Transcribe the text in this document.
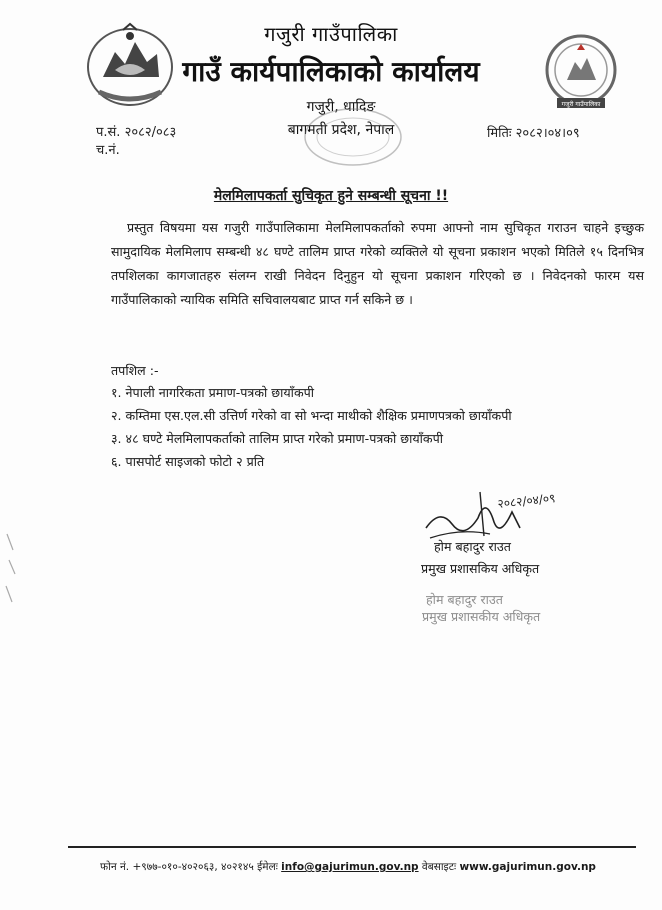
गजुरी गाउँपालिका
गाउँ कार्यपालिकाको कार्यालय
गजुरी, धादिङ
बागमती प्रदेश, नेपाल
गजुरी गाउँपालिका
प.सं. २०८२/०८३
च.नं.
मितिः २०८२।०४।०९
मेलमिलापकर्ता सुचिकृत हुने सम्बन्धी सूचना !!

प्रस्तुत विषयमा यस गजुरी गाउँपालिकामा मेलमिलापकर्ताको रुपमा आफ्नो नाम सुचिकृत गराउन चाहने इच्छुक सामुदायिक मेलमिलाप सम्बन्धी ४८ घण्टे तालिम प्राप्त गरेको व्यक्तिले यो सूचना प्रकाशन भएको मितिले १५ दिनभित्र तपशिलका कागजातहरु संलग्न राखी निवेदन दिनुहुन यो सूचना प्रकाशन गरिएको छ । निवेदनको फारम यस गाउँपालिकाको न्यायिक समिति सचिवालयबाट प्राप्त गर्न सकिने छ ।

तपशिल :-
१. नेपाली नागरिकता प्रमाण-पत्रको छायाँकपी
२. कम्तिमा एस.एल.सी उत्तिर्ण गरेको वा सो भन्दा माथीको शैक्षिक प्रमाणपत्रको छायाँकपी
३. ४८ घण्टे मेलमिलापकर्ताको तालिम प्राप्त गरेको प्रमाण-पत्रको छायाँकपी
६. पासपोर्ट साइजको फोटो २ प्रति
२०८२/०४/०९
होम बहादुर राउत
प्रमुख प्रशासकिय अधिकृत
होम बहादुर राउत
प्रमुख प्रशासकीय अधिकृत
फोन नं. +९७७-०१०-४०२०६३, ४०२१४५ ईमेलः info@gajurimun.gov.np वेबसाइटः www.gajurimun.gov.np
